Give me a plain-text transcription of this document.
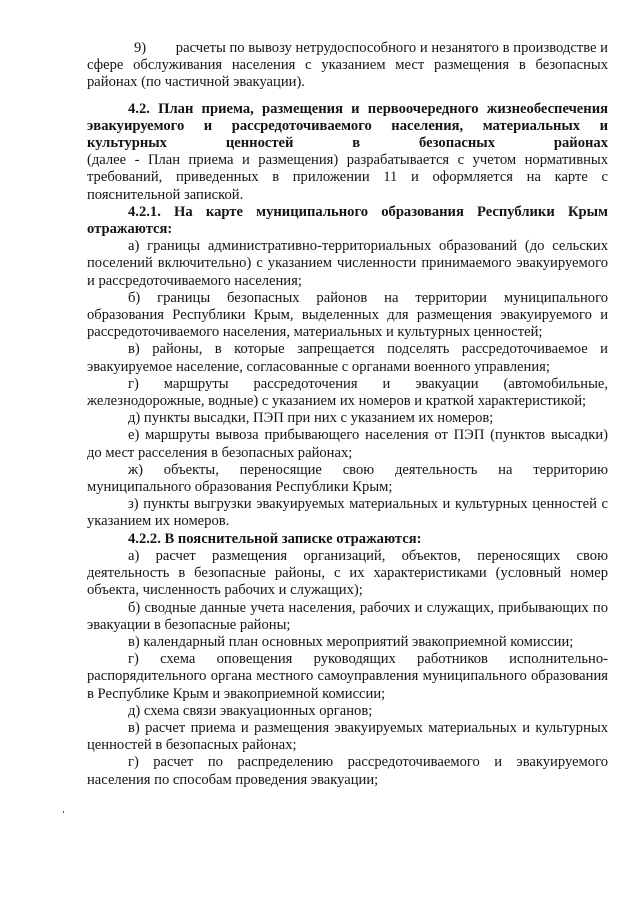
9)        расчеты по вывозу нетрудоспособного и незанятого в производстве и сфере обслуживания населения с указанием мест размещения в безопасных районах (по частичной эвакуации).

4.2. План приема, размещения и первоочередного жизнеобеспечения эвакуируемого и рассредоточиваемого населения, материальных и культурных ценностей в безопасных районах

(далее - План приема и размещения) разрабатывается с учетом нормативных требований, приведенных в приложении 11 и оформляется на карте с пояснительной запиской.

4.2.1. На карте муниципального образования Республики Крым отражаются:

а) границы административно-территориальных образований (до сельских поселений включительно) с указанием численности принимаемого эвакуируемого и рассредоточиваемого населения;

б) границы безопасных районов на территории муниципального образования Республики Крым, выделенных для размещения эвакуируемого и рассредоточиваемого населения, материальных и культурных ценностей;

в) районы, в которые запрещается подселять рассредоточиваемое и эвакуируемое население, согласованные с органами военного управления;

г) маршруты рассредоточения и эвакуации (автомобильные, железнодорожные, водные) с указанием их номеров и краткой характеристикой;

д) пункты высадки, ПЭП при них с указанием их номеров;

е) маршруты вывоза прибывающего населения от ПЭП (пунктов высадки) до мест расселения в безопасных районах;

ж) объекты, переносящие свою деятельность на территорию муниципального образования Республики Крым;

з) пункты выгрузки эвакуируемых материальных и культурных ценностей с указанием их номеров.

4.2.2. В пояснительной записке отражаются:

а) расчет размещения организаций, объектов, переносящих свою деятельность в безопасные районы, с их характеристиками (условный номер объекта, численность рабочих и служащих);

б) сводные данные учета населения, рабочих и служащих, прибывающих по эвакуации в безопасные районы;

в) календарный план основных мероприятий эвакоприемной комиссии;

г) схема оповещения руководящих работников исполнительно-распорядительного органа местного самоуправления муниципального образования в Республике Крым и эвакоприемной комиссии;

д) схема связи эвакуационных органов;

в) расчет приема и размещения эвакуируемых материальных и культурных ценностей в безопасных районах;

г) расчет по распределению рассредоточиваемого и эвакуируемого населения по способам проведения эвакуации;
